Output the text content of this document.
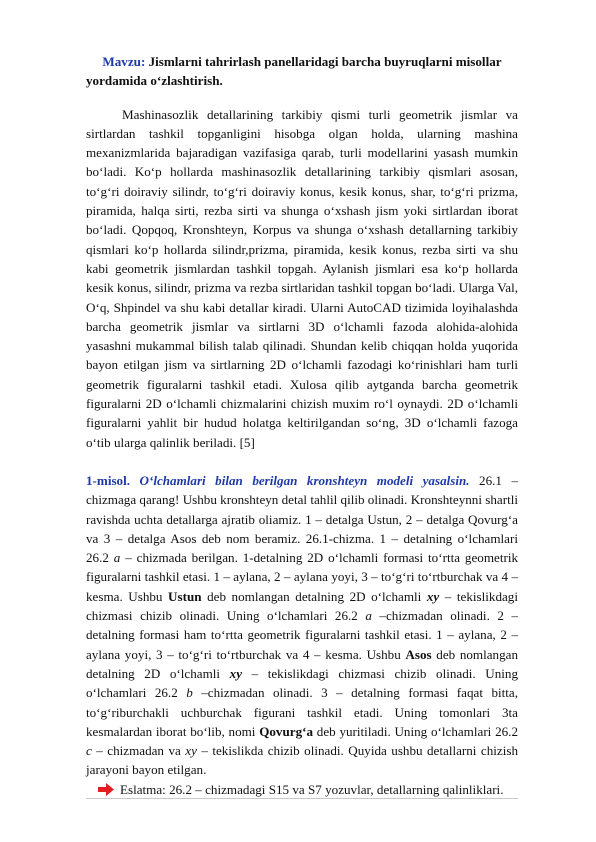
Mavzu: Jismlarni tahrirlash panellaridagi barcha buyruqlarni misollar yordamida o‘zlashtirish.

Mashinasozlik detallarining tarkibiy qismi turli geometrik jismlar va sirtlardan tashkil topganligini hisobga olgan holda, ularning mashina mexanizmlarida bajaradigan vazifasiga qarab, turli modellarini yasash mumkin bo‘ladi. Ko‘p hollarda mashinasozlik detallarining tarkibiy qismlari asosan, to‘g‘ri doiraviy silindr, to‘g‘ri doiraviy konus, kesik konus, shar, to‘g‘ri prizma, piramida, halqa sirti, rezba sirti va shunga o‘xshash jism yoki sirtlardan iborat bo‘ladi. Qopqoq, Kronshteyn, Korpus va shunga o‘xshash detallarning tarkibiy qismlari ko‘p hollarda silindr,prizma, piramida, kesik konus, rezba sirti va shu kabi geometrik jismlardan tashkil topgah. Aylanish jismlari esa ko‘p hollarda kesik konus, silindr, prizma va rezba sirtlaridan tashkil topgan bo‘ladi. Ularga Val, O‘q, Shpindel va shu kabi detallar kiradi. Ularni AutoCAD tizimida loyihalashda barcha geometrik jismlar va sirtlarni 3D o‘lchamli fazoda alohida-alohida yasashni mukammal bilish talab qilinadi. Shundan kelib chiqqan holda yuqorida bayon etilgan jism va sirtlarning 2D o‘lchamli fazodagi ko‘rinishlari ham turli geometrik figuralarni tashkil etadi. Xulosa qilib aytganda barcha geometrik figuralarni 2D o‘lchamli chizmalarini chizish muxim ro‘l oynaydi. 2D o‘lchamli figuralarni yahlit bir hudud holatga keltirilgandan so‘ng, 3D o‘lchamli fazoga o‘tib ularga qalinlik beriladi. [5]

1-misol. O‘lchamlari bilan berilgan kronshteyn modeli yasalsin. 26.1 – chizmaga qarang! Ushbu kronshteyn detal tahlil qilib olinadi. Kronshteynni shartli ravishda uchta detallarga ajratib oliamiz. 1 – detalga Ustun, 2 – detalga Qovurg‘a va 3 – detalga Asos deb nom beramiz. 26.1-chizma. 1 – detalning o‘lchamlari 26.2 a – chizmada berilgan. 1-detalning 2D o‘lchamli formasi to‘rtta geometrik figuralarni tashkil etasi. 1 – aylana, 2 – aylana yoyi, 3 – to‘g‘ri to‘rtburchak va 4 – kesma. Ushbu Ustun deb nomlangan detalning 2D o‘lchamli xy – tekislikdagi chizmasi chizib olinadi. Uning o‘lchamlari 26.2 a –chizmadan olinadi. 2 – detalning formasi ham to‘rtta geometrik figuralarni tashkil etasi. 1 – aylana, 2 – aylana yoyi, 3 – to‘g‘ri to‘rtburchak va 4 – kesma. Ushbu Asos deb nomlangan detalning 2D o‘lchamli xy – tekislikdagi chizmasi chizib olinadi. Uning o‘lchamlari 26.2 b –chizmadan olinadi. 3 – detalning formasi faqat bitta, to‘g‘riburchakli uchburchak figurani tashkil etadi. Uning tomonlari 3ta kesmalardan iborat bo‘lib, nomi Qovurg‘a deb yuritiladi. Uning o‘lchamlari 26.2 c – chizmadan va xy – tekislikda chizib olinadi. Quyida ushbu detallarni chizish jarayoni bayon etilgan.

Eslatma: 26.2 – chizmadagi S15 va S7 yozuvlar, detallarning qalinliklari.
